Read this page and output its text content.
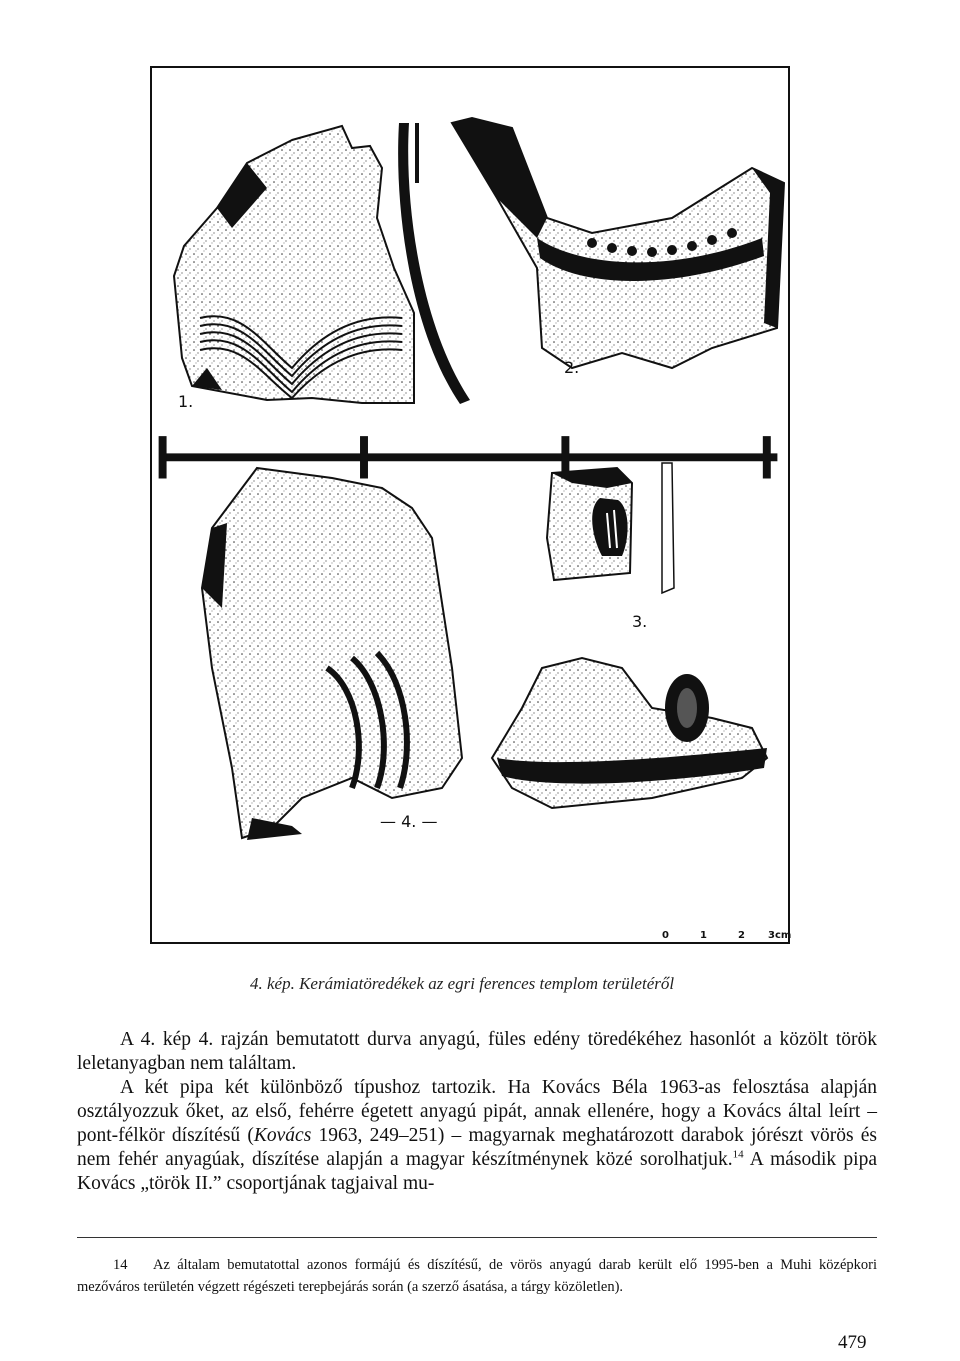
1.
2.
3.
— 4. —
0	1	2 3cm
4. kép. Kerámiatöredékek az egri ferences templom területéről

A 4. kép 4. rajzán bemutatott durva anyagú, füles edény töredékéhez hasonlót a közölt török leletanyagban nem találtam.

A két pipa két különböző típushoz tartozik. Ha Kovács Béla 1963-as felosztása alapján osztályozzuk őket, az első, fehérre égetett anyagú pipát, annak ellenére, hogy a Kovács által leírt – pont-félkör díszítésű (Kovács 1963, 249–251) – magyarnak meghatározott darabok jórészt vörös és nem fehér anyagúak, díszítése alapján a magyar készítménynek közé sorolhatjuk.$^{14}$ A második pipa Kovács „török II.” csoportjának tagjaival mu-

14 Az általam bemutatottal azonos formájú és díszítésű, de vörös anyagú darab került elő 1995-ben a Muhi középkori mezőváros területén végzett régészeti terepbejárás során (a szerző ásatása, a tárgy közöletlen).
479
